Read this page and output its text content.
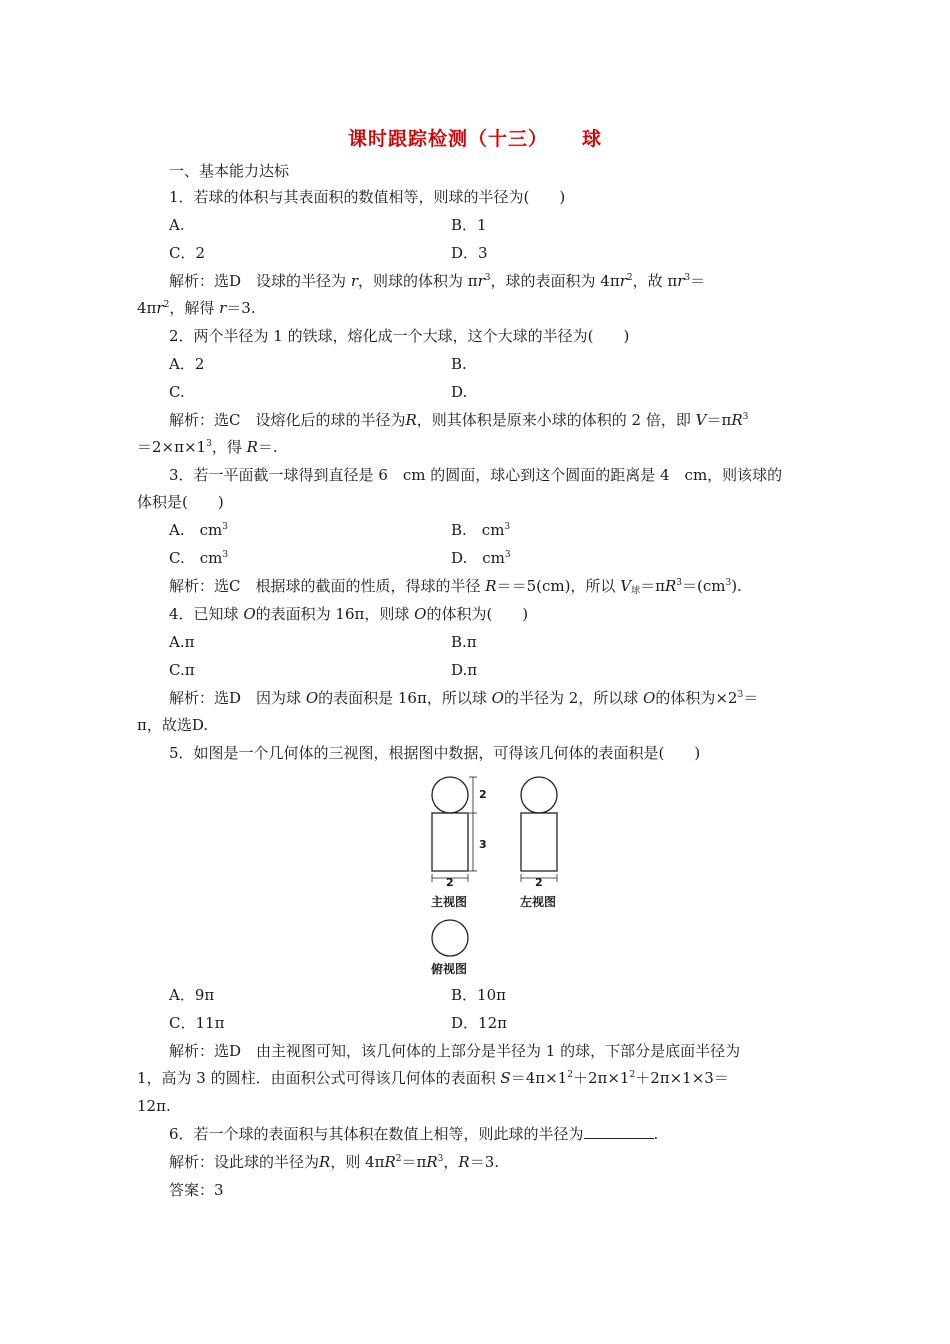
课时跟踪检测（十三） 球
一、基本能力达标
1．若球的体积与其表面积的数值相等，则球的半径为(　　)
A.	B．1
C．2	D．3
解析：选D　设球的半径为 r，则球的体积为 $\pi r^3$，球的表面积为 $4\pi r^2$，故 $\pi r^3=$
$4\pi r^2$，解得 r＝3.
2．两个半径为 1 的铁球，熔化成一个大球，这个大球的半径为(　　)
A．2	B.
C.	D.
解析：选C　设熔化后的球的半径为R，则其体积是原来小球的体积的 2 倍，即 $V=\pi R^3$
$=2\times\pi\times 1^3$，得 R＝.
3．若一平面截一球得到直径是 6　cm 的圆面，球心到这个圆面的距离是 4　cm，则该球的
体积是(　　)
A.　$cm^3$	B.　$cm^3$
C.　$cm^3$	D.　$cm^3$
解析：选C　根据球的截面的性质，得球的半径 R＝＝5(cm)，所以 $V_球=\pi R^3=(cm^3)$.
4．已知球 O的表面积为 16π，则球 O的体积为(　　)
A.π	B.π
C.π	D.π
解析：选D　因为球 O的表面积是 16π，所以球 O的半径为 2，所以球 O的体积为$\times 2^3=$
π，故选D.
5．如图是一个几何体的三视图，根据图中数据，可得该几何体的表面积是(　　)
2
3
2	2
主视图	左视图
俯视图
A．9π	B．10π
C．11π	D．12π
解析：选D　由主视图可知，该几何体的上部分是半径为 1 的球，下部分是底面半径为
1，高为 3 的圆柱．由面积公式可得该几何体的表面积 $S=4\pi\times 1^2+2\pi\times 1^2+2\pi\times 1\times 3=$
12π.
6．若一个球的表面积与其体积在数值上相等，则此球的半径为	.
解析：设此球的半径为R，则 $4\pi R^2=\pi R^3$，R＝3.
答案：3
